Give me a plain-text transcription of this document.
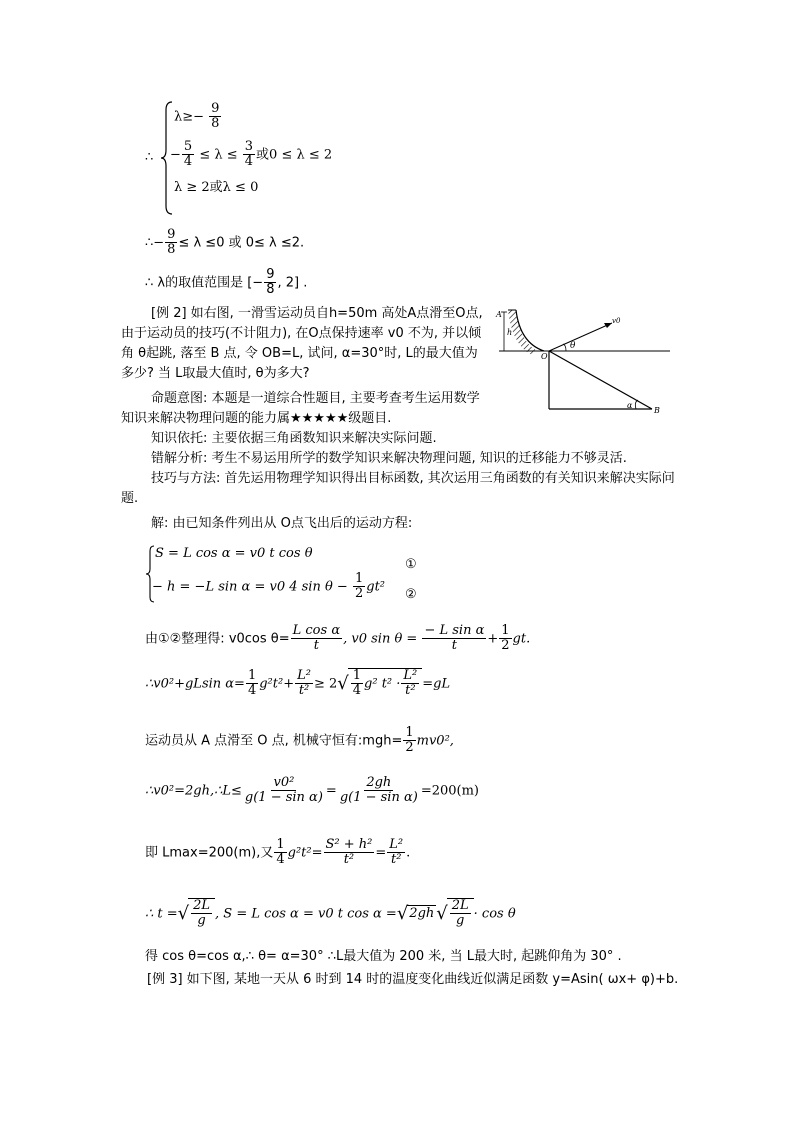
∴
$\lambda\ge- \frac{9}{8}$
− $\frac{5}{4} \le \lambda \le \frac{3}{4}$ 或0 ≤ λ ≤ 2
λ ≥ 2或λ ≤ 0
∴− $\frac{9}{8} \le \lambda \le 0$ 或 0≤ λ ≤2.
∴ λ的取值范围是 [− $\frac{9}{8}$ , 2] .
[例 2] 如右图, 一滑雪运动员自h=50m 高处A点滑至O点, 由于运动员的技巧(不计阻力), 在O点保持速率 v0 不为, 并以倾角 θ起跳, 落至 B 点, 令 OB=L, 试问, α=30°时, L的最大值为多少? 当 L取最大值时, θ为多大?
命题意图: 本题是一道综合性题目, 主要考查考生运用数学知识来解决物理问题的能力属★★★★★级题目.
知识依托: 主要依据三角函数知识来解决实际问题.
错解分析: 考生不易运用所学的数学知识来解决物理问题, 知识的迁移能力不够灵活.
技巧与方法: 首先运用物理学知识得出目标函数, 其次运用三角函数的有关知识来解决实际问题.
解: 由已知条件列出从 O点飞出后的运动方程:
A
h
O
v0
θ
α
B
S = L cos α = v0 t cos θ
− h = −L sin α = v0 4 $\sin \theta - \frac{1}{2} gt^2$
①
②
由①②整理得: v0cos $\theta= \frac{\text{L cos α}}{t}$ , v0 $\sin \theta = \frac{\text{− L sin α}}{t} + \frac{1}{2}$ gt.
∴v0²+gLsin $\alpha= \frac{1}{4} g^2t^2+ \frac{\text{L²}}{\text{t²}} \ge 2√ \frac{1}{4} g^2$ $t^2 \cdot \frac{\text{L²}}{\text{t²}} =gL$
运动员从 A 点滑至 O 点, 机械守恒有:mgh= $\frac{1}{2} mv0^2$,
∴v0²=2gh,∴L≤ $\frac{\text{v0²}}{\text{g(1 − sin α)}} = \frac{2gh}{\text{g(1 − sin α)}} =200(m)$
即 Lmax=200(m),又 $\frac{1}{4} g^2t^2= \frac{\text{S² + h²}}{\text{t²}} = \frac{\text{L²}}{\text{t²}}$ .
∴ t =√ $\frac{2L}{g}$ , S = L cos α = v0 t cos α =√2gh √ $\frac{2L}{g} \cdot \cos \theta$
得 cos θ=cos α,∴ θ= α=30° ∴L最大值为 200 米, 当 L最大时, 起跳仰角为 30° .
[例 3] 如下图, 某地一天从 6 时到 14 时的温度变化曲线近似满足函数 y=Asin( ωx+ φ)+b.
